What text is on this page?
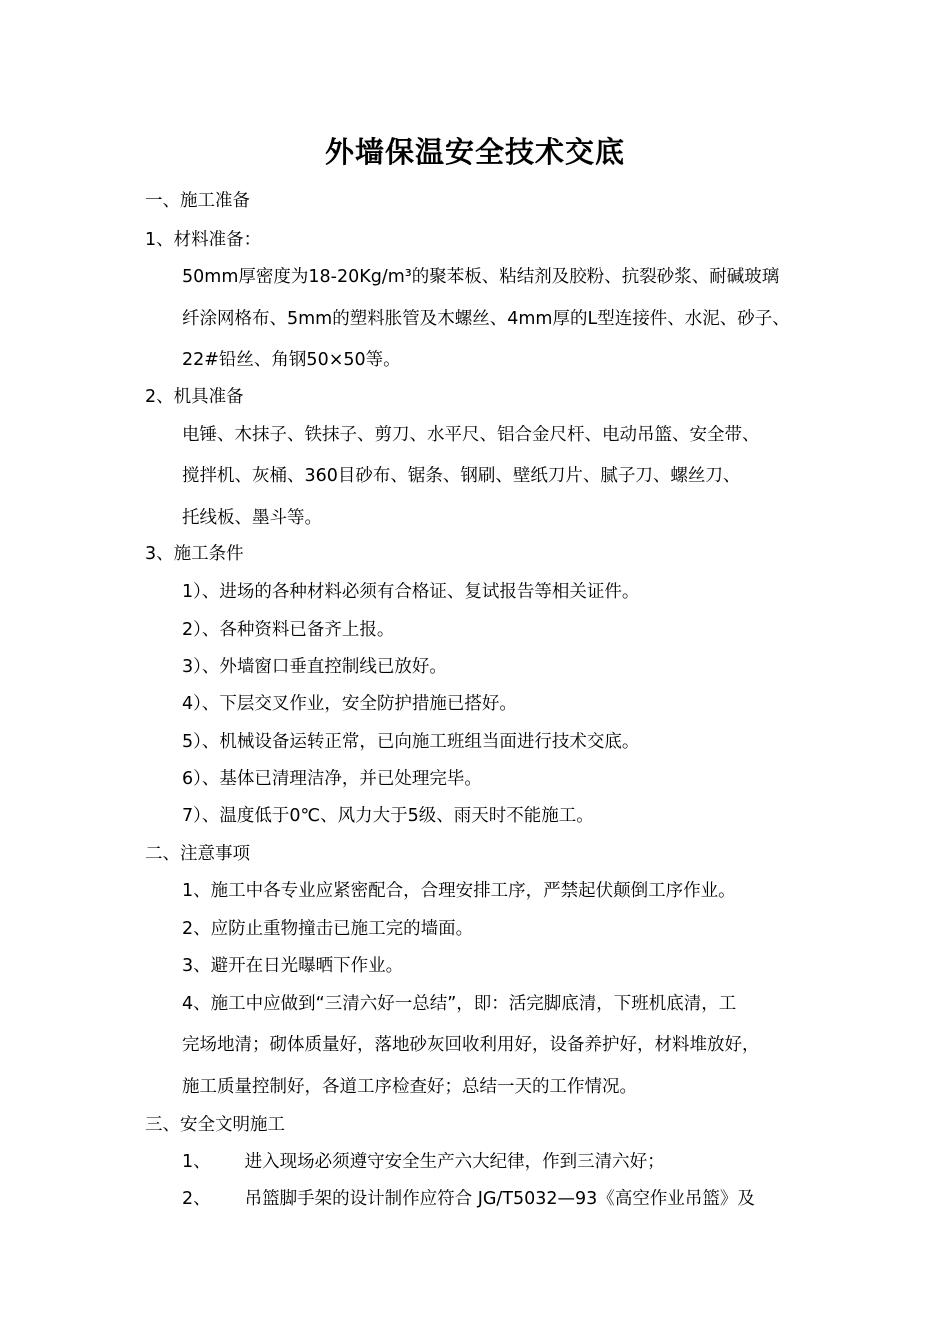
外墙保温安全技术交底
一、施工准备
1、材料准备：
50mm厚密度为18-20Kg/m³的聚苯板、粘结剂及胶粉、抗裂砂浆、耐碱玻璃
纤涂网格布、5mm的塑料胀管及木螺丝、4mm厚的L型连接件、水泥、砂子、
22#铅丝、角钢50×50等。
2、机具准备
电锤、木抹子、铁抹子、剪刀、水平尺、铝合金尺杆、电动吊篮、安全带、
搅拌机、灰桶、360目砂布、锯条、钢刷、壁纸刀片、腻子刀、螺丝刀、
托线板、墨斗等。
3、施工条件
1）、进场的各种材料必须有合格证、复试报告等相关证件。
2）、各种资料已备齐上报。
3）、外墙窗口垂直控制线已放好。
4）、下层交叉作业，安全防护措施已搭好。
5）、机械设备运转正常，已向施工班组当面进行技术交底。
6）、基体已清理洁净，并已处理完毕。
7）、温度低于0℃、风力大于5级、雨天时不能施工。
二、注意事项
1、施工中各专业应紧密配合，合理安排工序，严禁起伏颠倒工序作业。
2、应防止重物撞击已施工完的墙面。
3、避开在日光曝晒下作业。
4、施工中应做到“三清六好一总结”，即：活完脚底清，下班机底清，工
完场地清；砌体质量好，落地砂灰回收利用好，设备养护好，材料堆放好，
施工质量控制好，各道工序检查好；总结一天的工作情况。
三、安全文明施工
1、 进入现场必须遵守安全生产六大纪律，作到三清六好；
2、 吊篮脚手架的设计制作应符合 JG/T5032—93《高空作业吊篮》及
